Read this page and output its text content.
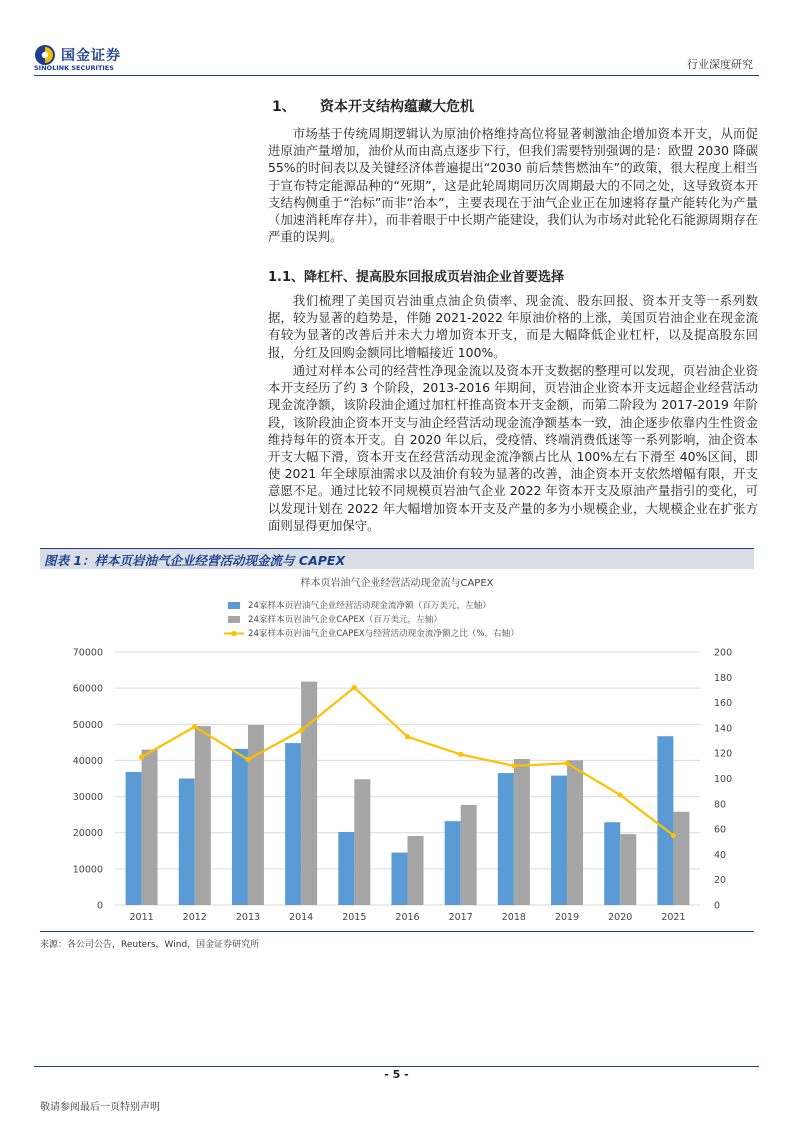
国金证券
SINOLINK SECURITIES	行业深度研究
1、 资本开支结构蕴藏大危机

市场基于传统周期逻辑认为原油价格维持高位将显著刺激油企增加资本开支，从而促进原油产量增加，油价从而由高点逐步下行，但我们需要特别强调的是：欧盟 2030 降碳 55%的时间表以及关键经济体普遍提出“2030 前后禁售燃油车”的政策，很大程度上相当于宣布特定能源品种的“死期”，这是此轮周期同历次周期最大的不同之处，这导致资本开支结构侧重于“治标”而非“治本”，主要表现在于油气企业正在加速将存量产能转化为产量（加速消耗库存井），而非着眼于中长期产能建设，我们认为市场对此轮化石能源周期存在严重的误判。

1.1、降杠杆、提高股东回报成页岩油企业首要选择

我们梳理了美国页岩油重点油企负债率、现金流、股东回报、资本开支等一系列数据，较为显著的趋势是，伴随 2021-2022 年原油价格的上涨，美国页岩油企业在现金流有较为显著的改善后并未大力增加资本开支，而是大幅降低企业杠杆，以及提高股东回报，分红及回购金额同比增幅接近 100%。

通过对样本公司的经营性净现金流以及资本开支数据的整理可以发现，页岩油企业资本开支经历了约 3 个阶段，2013-2016 年期间，页岩油企业资本开支远超企业经营活动现金流净额，该阶段油企通过加杠杆推高资本开支金额，而第二阶段为 2017-2019 年阶段，该阶段油企资本开支与油企经营活动现金流净额基本一致，油企逐步依靠内生性资金维持每年的资本开支。自 2020 年以后，受疫情、终端消费低迷等一系列影响，油企资本开支大幅下滑，资本开支在经营活动现金流净额占比从 100%左右下滑至 40%区间，即使 2021 年全球原油需求以及油价有较为显著的改善，油企资本开支依然增幅有限，开支意愿不足。通过比较不同规模页岩油气企业 2022 年资本开支及原油产量指引的变化，可以发现计划在 2022 年大幅增加资本开支及产量的多为小规模企业，大规模企业在扩张方面则显得更加保守。

图表 1：样本页岩油气企业经营活动现金流与 CAPEX
样本页岩油气企业经营活动现金流与CAPEX
24家样本页岩油气企业经营活动现金流净额（百万美元，左轴）
24家样本页岩油气企业CAPEX（百万美元，左轴）
24家样本页岩油气企业CAPEX与经营活动现金流净额之比（%，右轴）
0
10000
20000
30000
40000
50000
60000
70000
0
20
40
60
80
100
120
140
160
180
200
2011	2012	2013	2014	2015	2016	2017	2018	2019	2020	2021
来源：各公司公告，Reuters，Wind，国金证券研究所
- 5 -
敬请参阅最后一页特别声明
